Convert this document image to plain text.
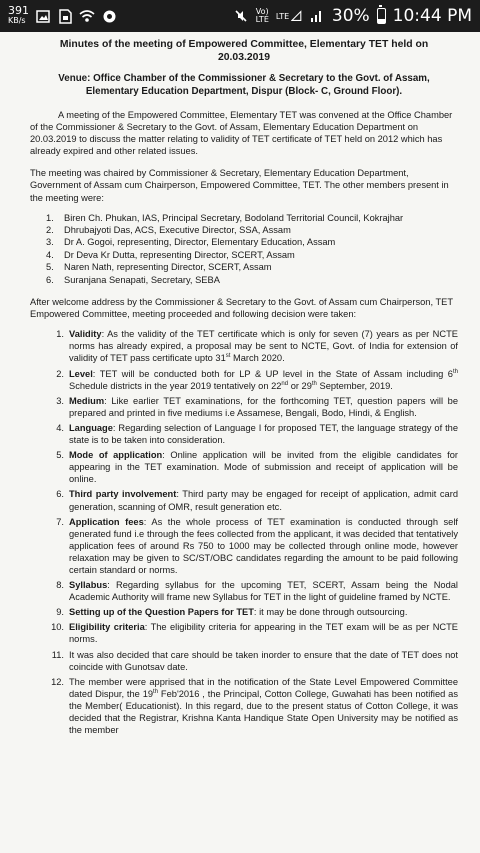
391
KB/s
Vo)
LTE LTE	30% 10:44 PM
Minutes of the meeting of Empowered Committee, Elementary TET held on 20.03.2019
Venue: Office Chamber of the Commissioner & Secretary to the Govt. of Assam, Elementary Education Department, Dispur (Block- C, Ground Floor).

A meeting of the Empowered Committee, Elementary TET was convened at the Office Chamber of the Commissioner & Secretary to the Govt. of Assam, Elementary Education Department on 20.03.2019 to discuss the matter relating to validity of TET certificate of TET held on 2012 which has already expired and other related issues.

The meeting was chaired by Commissioner & Secretary, Elementary Education Department, Government of Assam cum Chairperson, Empowered Committee, TET. The other members present in the meeting were:

1.	Biren Ch. Phukan, IAS, Principal Secretary, Bodoland Territorial Council, Kokrajhar
2.	Dhrubajyoti Das, ACS, Executive Director, SSA, Assam
3.	Dr A. Gogoi, representing, Director, Elementary Education, Assam
4.	Dr Deva Kr Dutta, representing Director, SCERT, Assam
5.	Naren Nath, representing Director, SCERT, Assam
6.	Suranjana Senapati, Secretary, SEBA

After welcome address by the Commissioner & Secretary to the Govt. of Assam cum Chairperson, TET Empowered Committee, meeting proceeded and following decision were taken:

1. Validity: As the validity of the TET certificate which is only for seven (7) years as per NCTE norms has already expired, a proposal may be sent to NCTE, Govt. of India for extension of validity of TET pass certificate upto 31st March 2020.
2. Level: TET will be conducted both for LP & UP level in the State of Assam including 6th Schedule districts in the year 2019 tentatively on 22nd or 29th September, 2019.
3. Medium: Like earlier TET examinations, for the forthcoming TET, question papers will be prepared and printed in five mediums i.e Assamese, Bengali, Bodo, Hindi, & English.
4. Language: Regarding selection of Language I for proposed TET, the language strategy of the state is to be taken into consideration.
5. Mode of application: Online application will be invited from the eligible candidates for appearing in the TET examination. Mode of submission and receipt of application will be online.
6. Third party involvement: Third party may be engaged for receipt of application, admit card generation, scanning of OMR, result generation etc.
7. Application fees: As the whole process of TET examination is conducted through self generated fund i.e through the fees collected from the applicant, it was decided that tentatively application fees of around Rs 750 to 1000 may be collected through online mode, however relaxation may be given to SC/ST/OBC candidates regarding the amount to be paid following certain standard or norms.
8. Syllabus: Regarding syllabus for the upcoming TET, SCERT, Assam being the Nodal Academic Authority will frame new Syllabus for TET in the light of guideline framed by NCTE.
9. Setting up of the Question Papers for TET: it may be done through outsourcing.
10. Eligibility criteria: The eligibility criteria for appearing in the TET exam will be as per NCTE norms.
11. It was also decided that care should be taken inorder to ensure that the date of TET does not coincide with Gunotsav date.
12. The member were apprised that in the notification of the State Level Empowered Committee dated Dispur, the 19th Feb'2016 , the Principal, Cotton College, Guwahati has been notified as the Member( Educationist). In this regard, due to the present status of Cotton College, it was decided that the Registrar, Krishna Kanta Handique State Open University may be notified as the member
